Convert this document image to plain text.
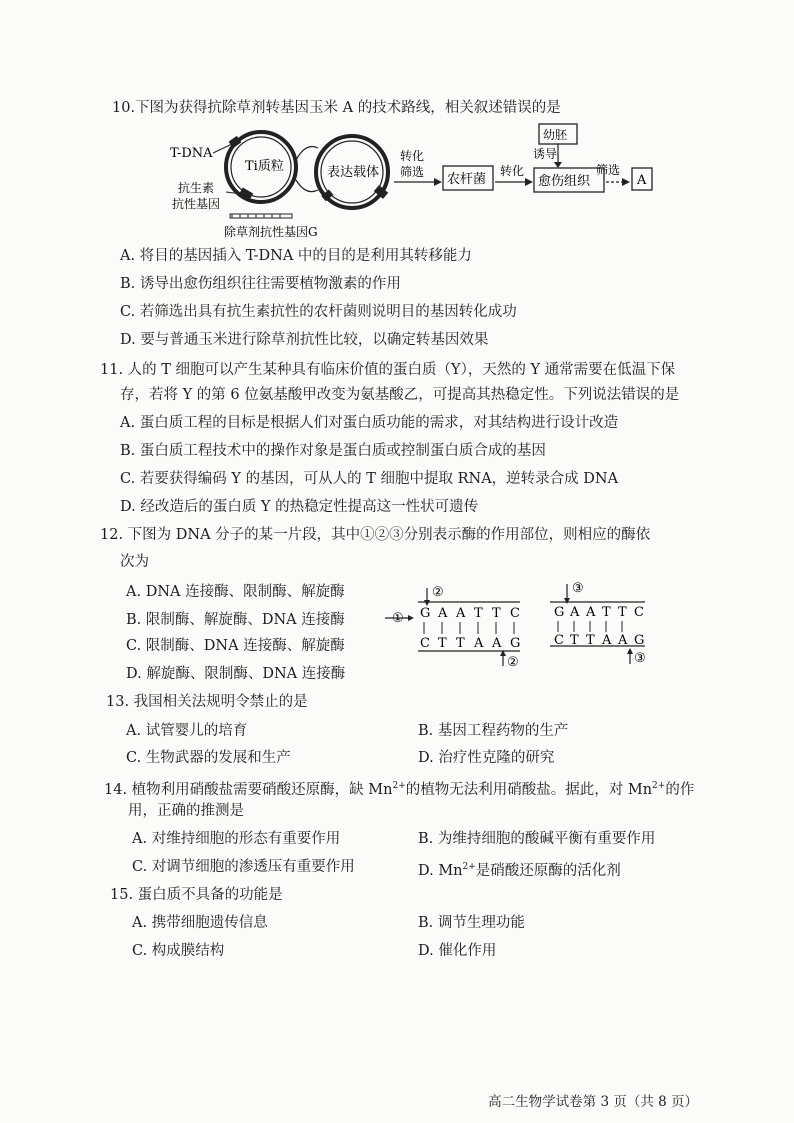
10.下图为获得抗除草剂转基因玉米 A 的技术路线，相关叙述错误的是
T-DNA
Ti质粒
抗生素
抗性基因
除草剂抗性基因G
表达载体
转化
筛选 农杆菌
转化
幼胚
诱导
愈伤组织
筛选
A
A. 将目的基因插入 T-DNA 中的目的是利用其转移能力
B. 诱导出愈伤组织往往需要植物激素的作用
C. 若筛选出具有抗生素抗性的农杆菌则说明目的基因转化成功
D. 要与普通玉米进行除草剂抗性比较，以确定转基因效果
11. 人的 T 细胞可以产生某种具有临床价值的蛋白质（Y），天然的 Y 通常需要在低温下保
存，若将 Y 的第 6 位氨基酸甲改变为氨基酸乙，可提高其热稳定性。下列说法错误的是
A. 蛋白质工程的目标是根据人们对蛋白质功能的需求，对其结构进行设计改造
B. 蛋白质工程技术中的操作对象是蛋白质或控制蛋白质合成的基因
C. 若要获得编码 Y 的基因，可从人的 T 细胞中提取 RNA，逆转录合成 DNA
D. 经改造后的蛋白质 Y 的热稳定性提高这一性状可遗传
12. 下图为 DNA 分子的某一片段，其中①②③分别表示酶的作用部位，则相应的酶依
次为
A. DNA 连接酶、限制酶、解旋酶
B. 限制酶、解旋酶、DNA 连接酶
C. 限制酶、DNA 连接酶、解旋酶
D. 解旋酶、限制酶、DNA 连接酶
①
②
G A A T T C
C T T A A G
②
③
G A A T T C
C T T A A G
③
13. 我国相关法规明令禁止的是
A. 试管婴儿的培育	B. 基因工程药物的生产
C. 生物武器的发展和生产	D. 治疗性克隆的研究
14. 植物利用硝酸盐需要硝酸还原酶，缺 $Mn^{2+}$的植物无法利用硝酸盐。据此，对 $Mn^{2+}$的作
用，正确的推测是
A. 对维持细胞的形态有重要作用	B. 为维持细胞的酸碱平衡有重要作用
C. 对调节细胞的渗透压有重要作用	D. $Mn^{2+}$是硝酸还原酶的活化剂
15. 蛋白质不具备的功能是
A. 携带细胞遗传信息	B. 调节生理功能
C. 构成膜结构	D. 催化作用
高二生物学试卷第 3 页（共 8 页）
